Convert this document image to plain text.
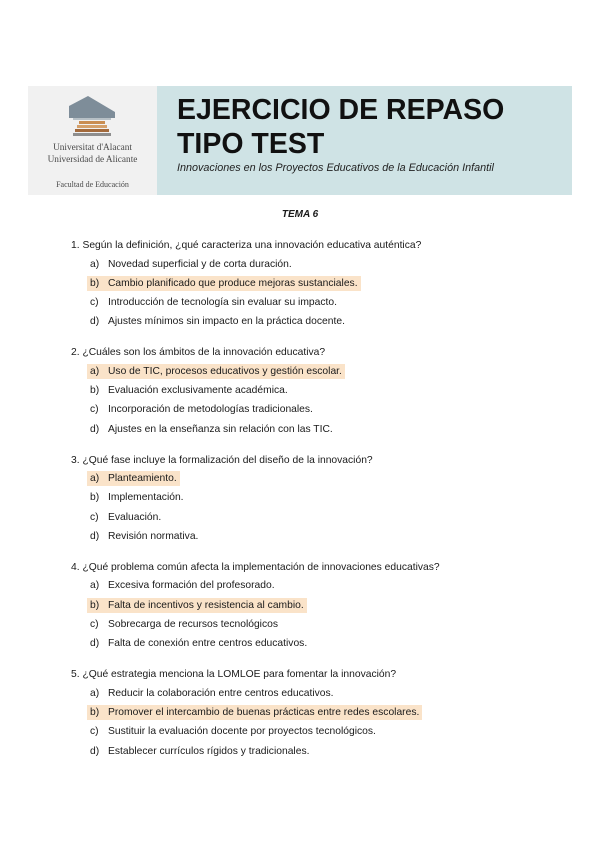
Universitat d'Alacant
Universidad de Alicante
Facultad de Educación
EJERCICIO DE REPASO
TIPO TEST
Innovaciones en los Proyectos Educativos de la Educación Infantil
TEMA 6
1. Según la definición, ¿qué caracteriza una innovación educativa auténtica?
a) Novedad superficial y de corta duración.
b) Cambio planificado que produce mejoras sustanciales.
c) Introducción de tecnología sin evaluar su impacto.
d) Ajustes mínimos sin impacto en la práctica docente.
2. ¿Cuáles son los ámbitos de la innovación educativa?
a) Uso de TIC, procesos educativos y gestión escolar.
b) Evaluación exclusivamente académica.
c) Incorporación de metodologías tradicionales.
d) Ajustes en la enseñanza sin relación con las TIC.
3. ¿Qué fase incluye la formalización del diseño de la innovación?
a) Planteamiento.
b) Implementación.
c) Evaluación.
d) Revisión normativa.
4. ¿Qué problema común afecta la implementación de innovaciones educativas?
a) Excesiva formación del profesorado.
b) Falta de incentivos y resistencia al cambio.
c) Sobrecarga de recursos tecnológicos
d) Falta de conexión entre centros educativos.
5. ¿Qué estrategia menciona la LOMLOE para fomentar la innovación?
a) Reducir la colaboración entre centros educativos.
b) Promover el intercambio de buenas prácticas entre redes escolares.
c) Sustituir la evaluación docente por proyectos tecnológicos.
d) Establecer currículos rígidos y tradicionales.
